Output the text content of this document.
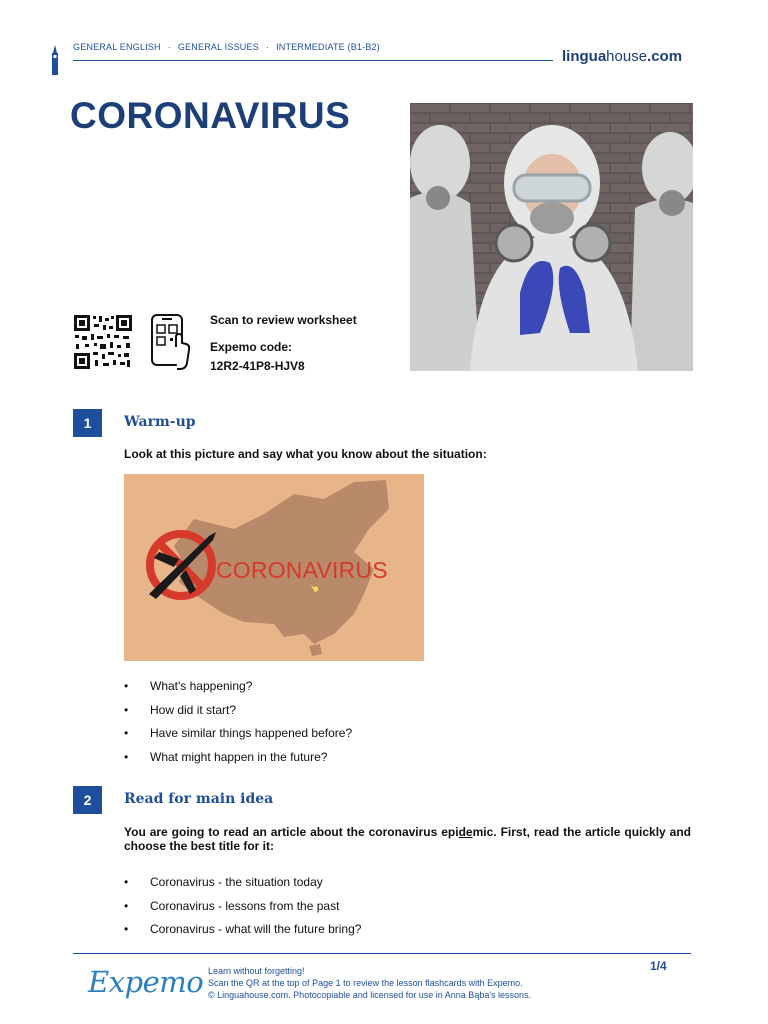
GENERAL ENGLISH · GENERAL ISSUES · INTERMEDIATE (B1-B2)
linguahouse.com
CORONAVIRUS
Scan to review worksheet
Expemo code:
12R2-41P8-HJV8
1	Warm-up
Look at this picture and say what you know about the situation:
CORONAVIRUS
• What's happening?
• How did it start?
• Have similar things happened before?
• What might happen in the future?
2	Read for main idea
You are going to read an article about the coronavirus epidemic. First, read the article quickly and choose the best title for it:
• Coronavirus - the situation today
• Coronavirus - lessons from the past
• Coronavirus - what will the future bring?
Expemo Learn without forgetting!
Scan the QR at the top of Page 1 to review the lesson flashcards with Expemo.
© Linguahouse.com. Photocopiable and licensed for use in Anna Bąba's lessons.
1/4
